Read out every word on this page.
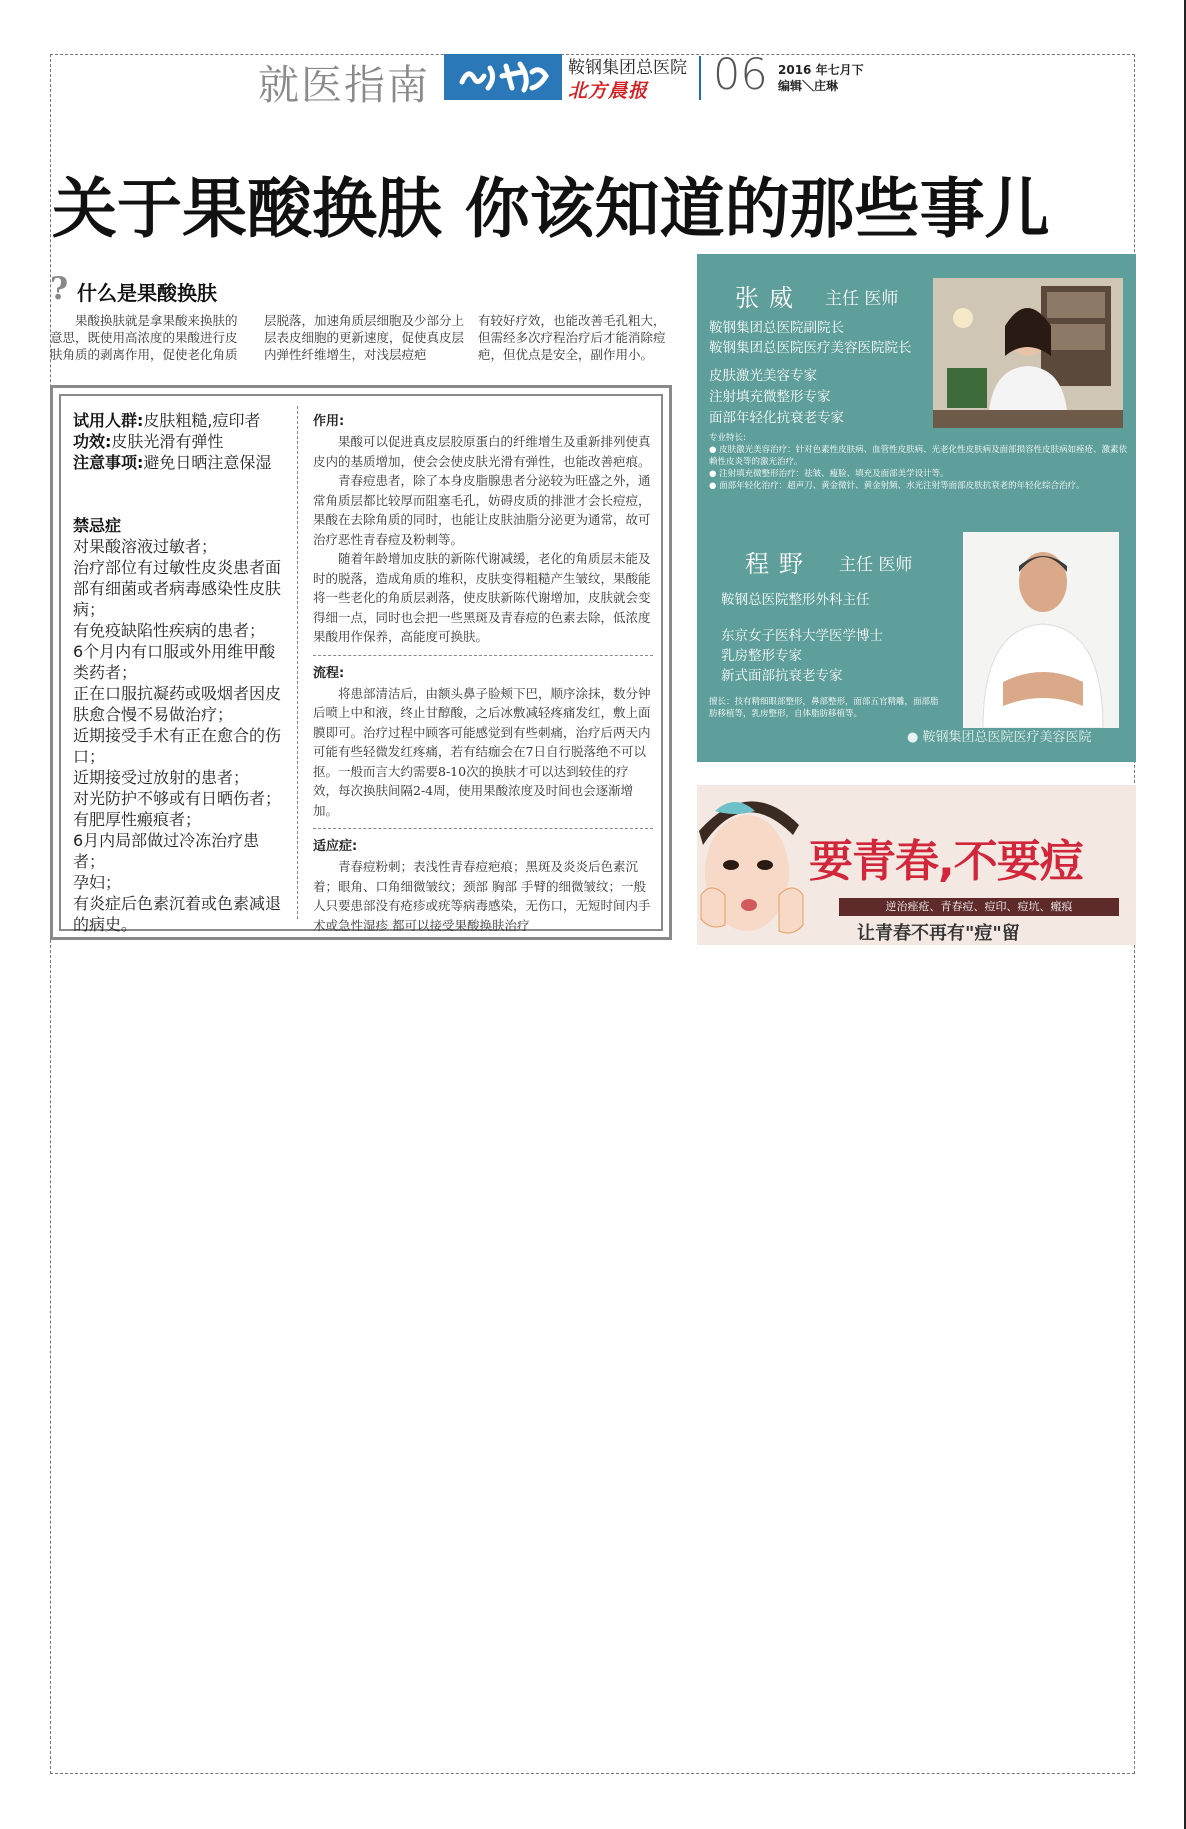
就医指南	鞍钢集团总医院
北方晨报 06 2016 年七月下
编辑＼庄琳
关于果酸换肤 你该知道的那些事儿
? 什么是果酸换肤
果酸换肤就是拿果酸来换肤的意思，既使用高浓度的果酸进行皮肤角质的剥离作用，促使老化角质
层脱落，加速角质层细胞及少部分上层表皮细胞的更新速度，促使真皮层内弹性纤维增生，对浅层痘疤
有较好疗效，也能改善毛孔粗大，但需经多次疗程治疗后才能消除痘疤，但优点是安全，副作用小。
试用人群:皮肤粗糙,痘印者
功效:皮肤光滑有弹性
注意事项:避免日晒注意保湿
禁忌症
对果酸溶液过敏者；
治疗部位有过敏性皮炎患者面部有细菌或者病毒感染性皮肤病；
有免疫缺陷性疾病的患者；
6个月内有口服或外用维甲酸类药者；
正在口服抗凝药或吸烟者因皮肤愈合慢不易做治疗；
近期接受手术有正在愈合的伤口；
近期接受过放射的患者；
对光防护不够或有日晒伤者；
有肥厚性瘢痕者；
6月内局部做过冷冻治疗患者；
孕妇；
有炎症后色素沉着或色素减退的病史。
作用:

果酸可以促进真皮层胶原蛋白的纤维增生及重新排列使真皮内的基质增加，使会会使皮肤光滑有弹性，也能改善疤痕。

青春痘患者，除了本身皮脂腺患者分泌较为旺盛之外，通常角质层都比较厚而阻塞毛孔，妨碍皮质的排泄才会长痘痘，果酸在去除角质的同时，也能让皮肤油脂分泌更为通常，故可治疗恶性青春痘及粉刺等。

随着年龄增加皮肤的新陈代谢减缓，老化的角质层未能及时的脱落，造成角质的堆积，皮肤变得粗糙产生皱纹，果酸能将一些老化的角质层剥落，使皮肤新陈代谢增加，皮肤就会变得细一点，同时也会把一些黑斑及青春痘的色素去除，低浓度果酸用作保养，高能度可换肤。

流程:

将患部清洁后，由额头鼻子脸颊下巴，顺序涂抹，数分钟后喷上中和液，终止甘醇酸，之后冰敷减轻疼痛发红，敷上面膜即可。治疗过程中顾客可能感觉到有些刺痛，治疗后两天内可能有些轻微发红疼痛，若有结痂会在7日自行脱落绝不可以抠。一般而言大约需要8-10次的换肤才可以达到较佳的疗效，每次换肤间隔2-4周，使用果酸浓度及时间也会逐渐增加。

适应症:

青春痘粉刺；表浅性青春痘疤痕；黑斑及炎炎后色素沉着；眼角、口角细微皱纹；颈部 胸部 手臂的细微皱纹；一般人只要患部没有疮疹或疣等病毒感染，无伤口，无短时间内手术或急性湿疹 都可以接受果酸换肤治疗

张威 主任 医师
鞍钢集团总医院副院长
鞍钢集团总医院医疗美容医院院长
皮肤激光美容专家
注射填充微整形专家
面部年轻化抗衰老专家
专业特长:
● 皮肤激光美容治疗：针对色素性皮肤病、血管性皮肤病、光老化性皮肤病及面部损容性皮肤病如痤疮、激素依赖性皮炎等的激光治疗。
● 注射填充微整形治疗：祛皱、瘦脸、填充及面部美学设计等。
● 面部年轻化治疗：超声刀、黄金微针、黄金射频、水光注射等面部皮肤抗衰老的年轻化综合治疗。
程野 主任 医师
鞍钢总医院整形外科主任
东京女子医科大学医学博士
乳房整形专家
新式面部抗衰老专家
擅长：技有精细眼部整形，鼻部整形，面部五官精雕，面部脂肪移植等，乳房整形，自体脂肪移植等。
● 鞍钢集团总医院医疗美容医院
要青春,不要痘
逆治痤疮、青春痘、痘印、痘坑、瘢痕
让青春不再有"痘"留
